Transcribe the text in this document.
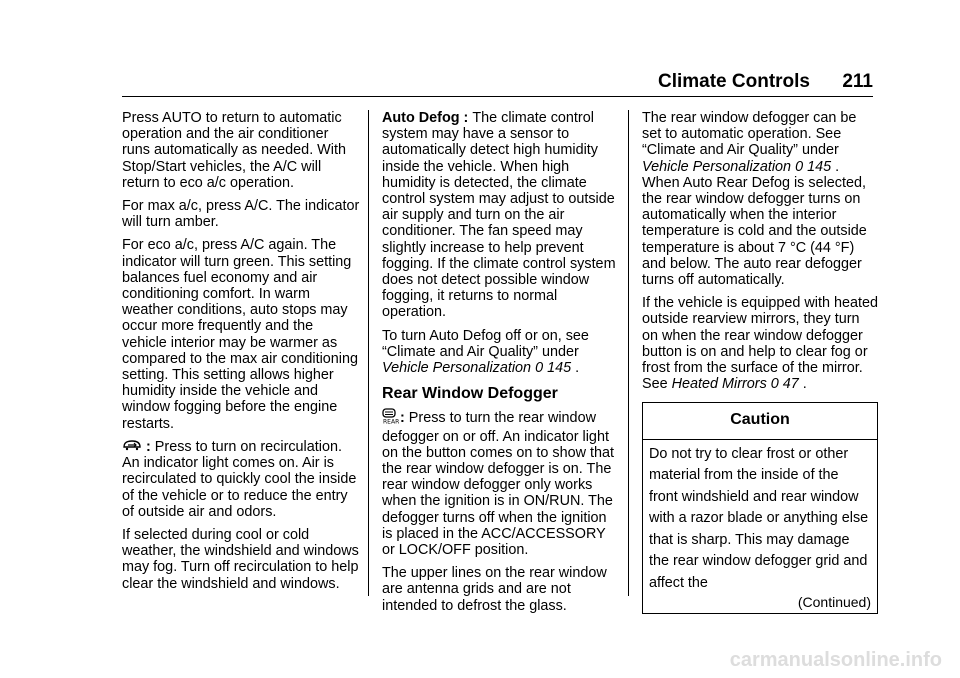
Climate Controls 211

Press AUTO to return to automatic operation and the air conditioner runs automatically as needed. With Stop/Start vehicles, the A/C will return to eco a/c operation.

For max a/c, press A/C. The indicator will turn amber.

For eco a/c, press A/C again. The indicator will turn green. This setting balances fuel economy and air conditioning comfort. In warm weather conditions, auto stops may occur more frequently and the vehicle interior may be warmer as compared to the max air conditioning setting. This setting allows higher humidity inside the vehicle and window fogging before the engine restarts.

: Press to turn on recirculation. An indicator light comes on. Air is recirculated to quickly cool the inside of the vehicle or to reduce the entry of outside air and odors.

If selected during cool or cold weather, the windshield and windows may fog. Turn off recirculation to help clear the windshield and windows.

Auto Defog : The climate control system may have a sensor to automatically detect high humidity inside the vehicle. When high humidity is detected, the climate control system may adjust to outside air supply and turn on the air conditioner. The fan speed may slightly increase to help prevent fogging. If the climate control system does not detect possible window fogging, it returns to normal operation.

To turn Auto Defog off or on, see “Climate and Air Quality” under Vehicle Personalization 0 145 .

Rear Window Defogger

REAR
: Press to turn the rear window defogger on or off. An indicator light on the button comes on to show that the rear window defogger is on. The rear window defogger only works when the ignition is in ON/RUN. The defogger turns off when the ignition is placed in the ACC/ACCESSORY or LOCK/OFF position.

The upper lines on the rear window are antenna grids and are not intended to defrost the glass.

The rear window defogger can be set to automatic operation. See “Climate and Air Quality” under Vehicle Personalization 0 145 . When Auto Rear Defog is selected, the rear window defogger turns on automatically when the interior temperature is cold and the outside temperature is about 7 °C (44 °F) and below. The auto rear defogger turns off automatically.

If the vehicle is equipped with heated outside rearview mirrors, they turn on when the rear window defogger button is on and help to clear fog or frost from the surface of the mirror. See Heated Mirrors 0 47 .

Caution
Do not try to clear frost or other material from the inside of the front windshield and rear window with a razor blade or anything else that is sharp. This may damage the rear window defogger grid and affect the
(Continued)
carmanualsonline.info
